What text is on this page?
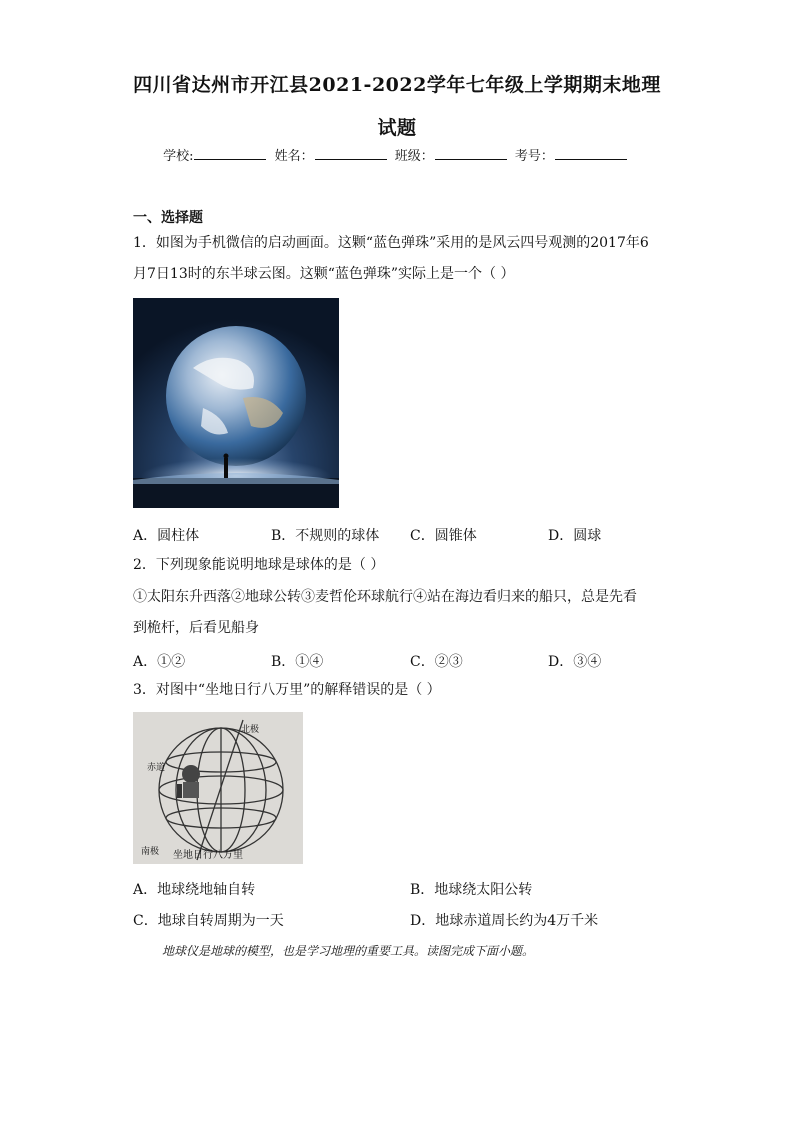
四川省达州市开江县2021-2022学年七年级上学期期末地理
试题
学校:	姓名：	班级：	考号：
一、选择题
1．如图为手机微信的启动画面。这颗“蓝色弹珠”采用的是风云四号观测的2017年6
月7日13时的东半球云图。这颗“蓝色弹珠”实际上是一个（ ）
A．圆柱体	B．不规则的球体 C．圆锥体	D．圆球
2．下列现象能说明地球是球体的是（ ）
①太阳东升西落②地球公转③麦哲伦环球航行④站在海边看归来的船只，总是先看
到桅杆，后看见船身
A．①②	B．①④	C．②③	D．③④
3．对图中“坐地日行八万里”的解释错误的是（ ）
北极
赤道
南极 坐地日行八万里
A．地球绕地轴自转	B．地球绕太阳公转
C．地球自转周期为一天	D．地球赤道周长约为4万千米
地球仪是地球的模型，也是学习地理的重要工具。读图完成下面小题。
